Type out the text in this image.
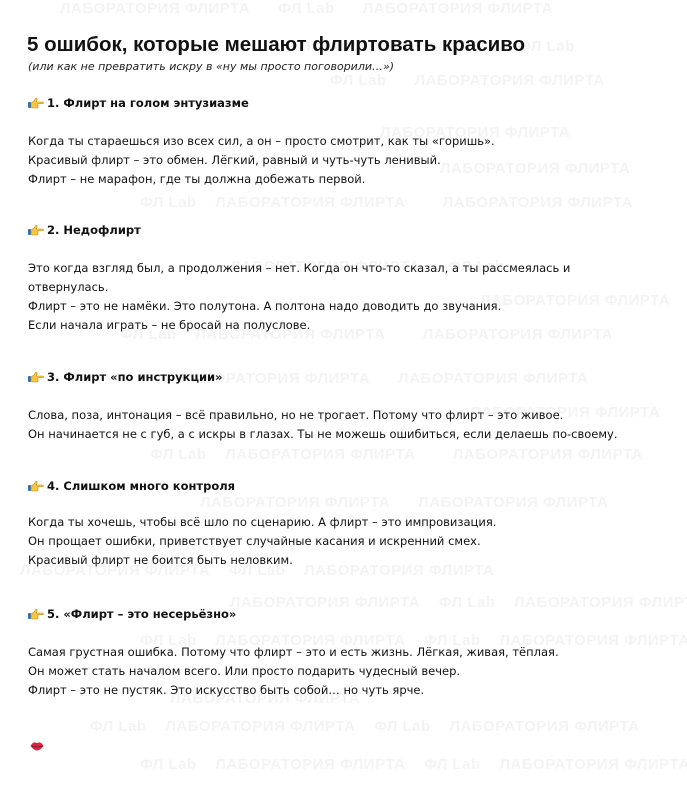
5 ошибок, которые мешают флиртовать красиво

(или как не превратить искру в «ну мы просто поговорили…»)

1. Флирт на голом энтузиазме

Когда ты стараешься изо всех сил, а он – просто смотрит, как ты «горишь».

Красивый флирт – это обмен. Лёгкий, равный и чуть-чуть ленивый.

Флирт – не марафон, где ты должна добежать первой.

2. Недофлирт

Это когда взгляд был, а продолжения – нет. Когда он что-то сказал, а ты рассмеялась и

отвернулась.

Флирт – это не намёки. Это полутона. А полтона надо доводить до звучания.

Если начала играть – не бросай на полуслове.

3. Флирт «по инструкции»

Слова, поза, интонация – всё правильно, но не трогает. Потому что флирт – это живое.

Он начинается не с губ, а с искры в глазах. Ты не можешь ошибиться, если делаешь по-своему.

4. Слишком много контроля

Когда ты хочешь, чтобы всё шло по сценарию. А флирт – это импровизация.

Он прощает ошибки, приветствует случайные касания и искренний смех.

Красивый флирт не боится быть неловким.

5. «Флирт – это несерьёзно»

Самая грустная ошибка. Потому что флирт – это и есть жизнь. Лёгкая, живая, тёплая.

Он может стать началом всего. Или просто подарить чудесный вечер.

Флирт – это не пустяк. Это искусство быть собой… но чуть ярче.
